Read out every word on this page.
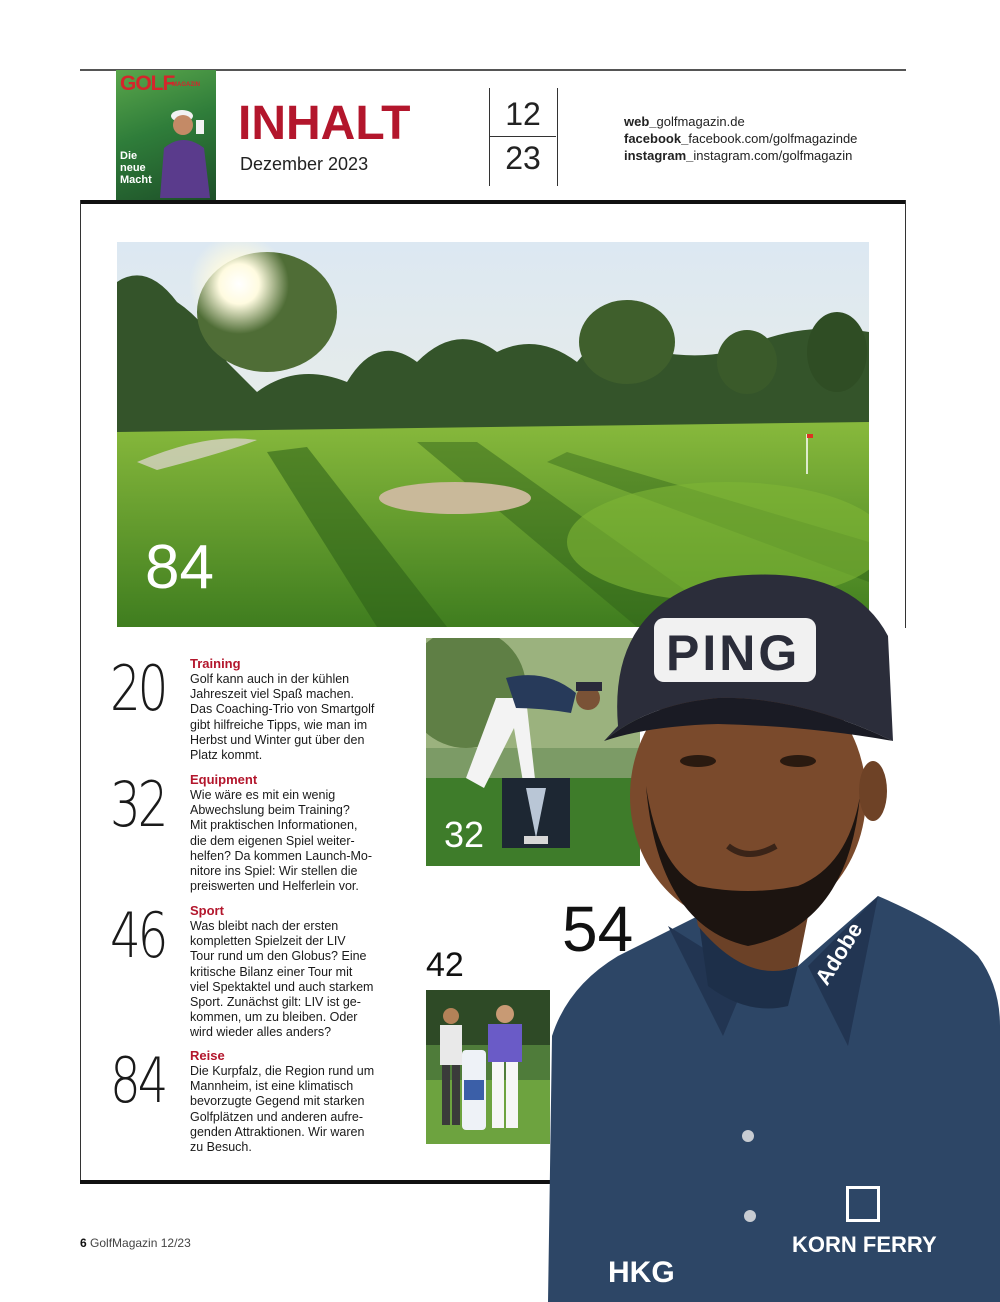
GOLF
MAGAZIN
Die neue Macht
INHALT
Dezember 2023
12
23
web_golfmagazin.de
facebook_facebook.com/golfmagazinde
instagram_instagram.com/golfmagazin
84
32
42 54
PING
Adobe
KORN FERRY
HKG
20 Training
Golf kann auch in der kühlen
Jahreszeit viel Spaß machen.
Das Coaching-Trio von Smartgolf
gibt hilfreiche Tipps, wie man im
Herbst und Winter gut über den
Platz kommt.
32 Equipment
Wie wäre es mit ein wenig
Abwechslung beim Training?
Mit praktischen Informationen,
die dem eigenen Spiel weiter-
helfen? Da kommen Launch-Mo-
nitore ins Spiel: Wir stellen die
preiswerten und Helferlein vor.
46 Sport
Was bleibt nach der ersten
kompletten Spielzeit der LIV
Tour rund um den Globus? Eine
kritische Bilanz einer Tour mit
viel Spektaktel und auch starkem
Sport. Zunächst gilt: LIV ist ge-
kommen, um zu bleiben. Oder
wird wieder alles anders?
84 Reise
Die Kurpfalz, die Region rund um
Mannheim, ist eine klimatisch
bevorzugte Gegend mit starken
Golfplätzen und anderen aufre-
genden Attraktionen. Wir waren
zu Besuch.
6 GolfMagazin 12/23
